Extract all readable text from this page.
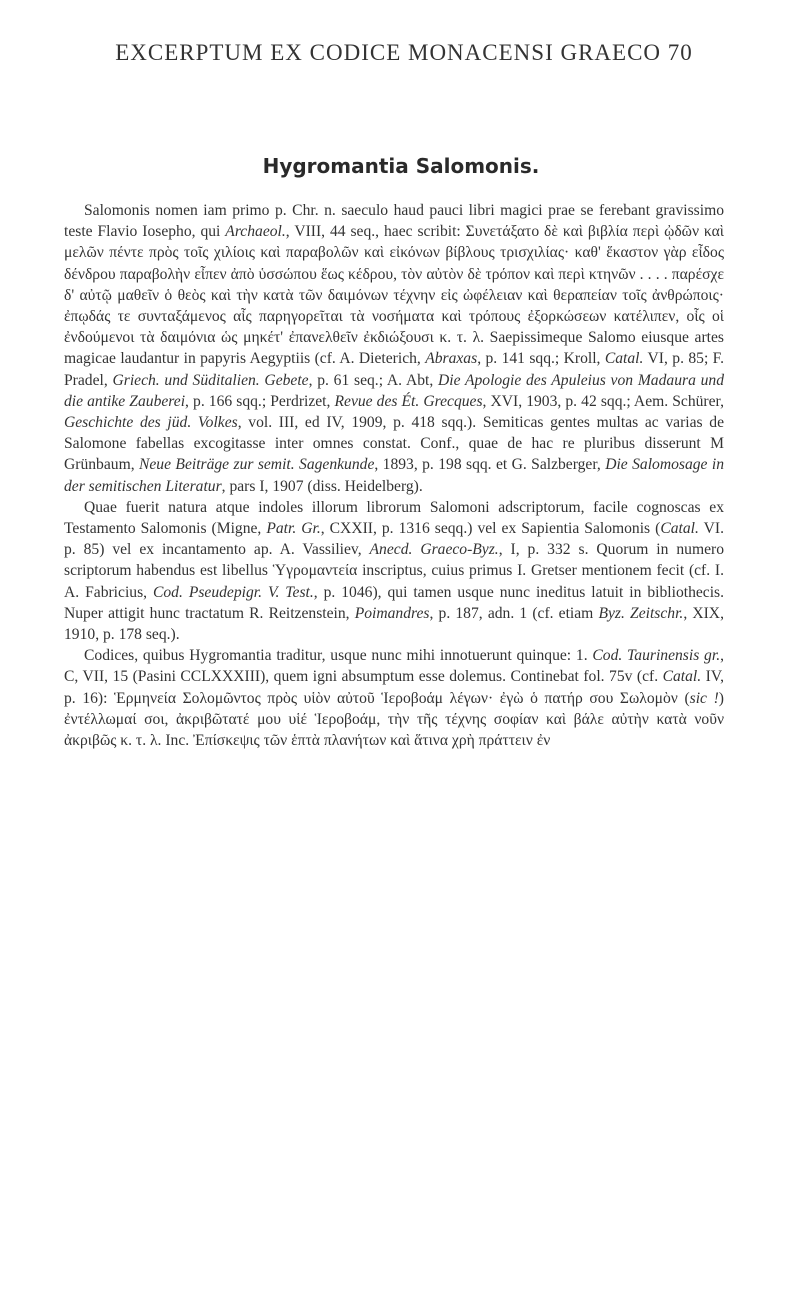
EXCERPTUM EX CODICE MONACENSI GRAECO 70
Hygromantia Salomonis.

Salomonis nomen iam primo p. Chr. n. saeculo haud pauci libri magici prae se ferebant gravissimo teste Flavio Iosepho, qui Archaeol., VIII, 44 seq., haec scribit: Συνετάξατο δὲ καὶ βιβλία περὶ ᾠδῶν καὶ μελῶν πέντε πρὸς τοῖς χιλίοις καὶ παραβολῶν καὶ εἰκόνων βίβλους τρισχιλίας· καθ' ἕκαστον γὰρ εἶδος δένδρου παραβολὴν εἶπεν ἀπὸ ὑσσώπου ἕως κέδρου, τὸν αὐτὸν δὲ τρόπον καὶ περὶ κτηνῶν . . . . παρέσχε δ' αὐτῷ μαθεῖν ὁ θεὸς καὶ τὴν κατὰ τῶν δαιμόνων τέχνην εἰς ὠφέλειαν καὶ θεραπείαν τοῖς ἀνθρώποις· ἐπῳδάς τε συνταξάμενος αἷς παρηγορεῖται τὰ νοσήματα καὶ τρόπους ἐξορκώσεων κατέλιπεν, οἷς οἱ ἐνδούμενοι τὰ δαιμόνια ὡς μηκέτ' ἐπανελθεῖν ἐκδιώξουσι κ. τ. λ. Saepissimeque Salomo eiusque artes magicae laudantur in papyris Aegyptiis (cf. A. Dieterich, Abraxas, p. 141 sqq.; Kroll, Catal. VI, p. 85; F. Pradel, Griech. und Süditalien. Gebete, p. 61 seq.; A. Abt, Die Apologie des Apuleius von Madaura und die antike Zauberei, p. 166 sqq.; Perdrizet, Revue des Ét. Grecques, XVI, 1903, p. 42 sqq.; Aem. Schürer, Geschichte des jüd. Volkes, vol. III, ed IV, 1909, p. 418 sqq.). Semiticas gentes multas ac varias de Salomone fabellas excogitasse inter omnes constat. Conf., quae de hac re pluribus disserunt M Grünbaum, Neue Beiträge zur semit. Sagenkunde, 1893, p. 198 sqq. et G. Salzberger, Die Salomosage in der semitischen Literatur, pars I, 1907 (diss. Heidelberg).

Quae fuerit natura atque indoles illorum librorum Salomoni adscriptorum, facile cognoscas ex Testamento Salomonis (Migne, Patr. Gr., CXXII, p. 1316 seqq.) vel ex Sapientia Salomonis (Catal. VI. p. 85) vel ex incantamento ap. A. Vassiliev, Anecd. Graeco-Byz., I, p. 332 s. Quorum in numero scriptorum habendus est libellus Ὑγρομαντεία inscriptus, cuius primus I. Gretser mentionem fecit (cf. I. A. Fabricius, Cod. Pseudepigr. V. Test., p. 1046), qui tamen usque nunc ineditus latuit in bibliothecis. Nuper attigit hunc tractatum R. Reitzenstein, Poimandres, p. 187, adn. 1 (cf. etiam Byz. Zeitschr., XIX, 1910, p. 178 seq.).

Codices, quibus Hygromantia traditur, usque nunc mihi innotuerunt quinque: 1. Cod. Taurinensis gr., C, VII, 15 (Pasini CCLXXXIII), quem igni absumptum esse dolemus. Continebat fol. 75v (cf. Catal. IV, p. 16): Ἑρμηνεία Σολομῶντος πρὸς υἱὸν αὐτοῦ Ἱεροβοάμ λέγων· ἐγὼ ὁ πατήρ σου Σωλομὸν (sic !) ἐντέλλωμαί σοι, ἀκριβῶτατέ μου υἱέ Ἱεροβοάμ, τὴν τῆς τέχνης σοφίαν καὶ βάλε αὐτὴν κατὰ νοῦν ἀκριβῶς κ. τ. λ. Inc. Ἐπίσκεψις τῶν ἑπτὰ πλανήτων καὶ ἅτινα χρὴ πράττειν ἐν
